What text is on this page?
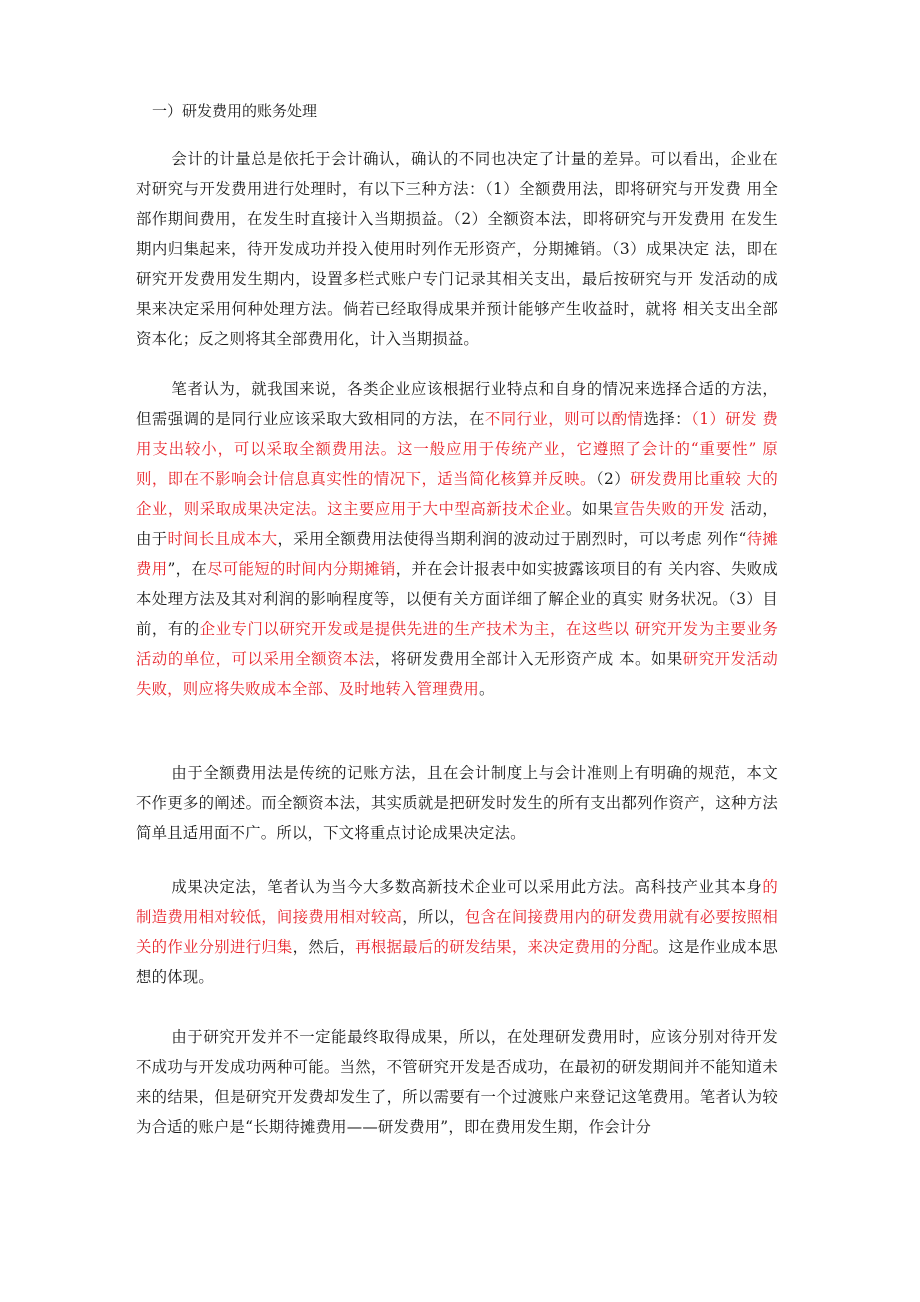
一）研发费用的账务处理

会计的计量总是依托于会计确认，确认的不同也决定了计量的差异。可以看出，企业在对研究与开发费用进行处理时，有以下三种方法：（1）全额费用法，即将研究与开发费 用全部作期间费用，在发生时直接计入当期损益。（2）全额资本法，即将研究与开发费用 在发生期内归集起来，待开发成功并投入使用时列作无形资产，分期摊销。（3）成果决定 法，即在研究开发费用发生期内，设置多栏式账户专门记录其相关支出，最后按研究与开 发活动的成果来决定采用何种处理方法。倘若已经取得成果并预计能够产生收益时，就将 相关支出全部资本化；反之则将其全部费用化，计入当期损益。

笔者认为，就我国来说，各类企业应该根据行业特点和自身的情况来选择合适的方法，但需强调的是同行业应该采取大致相同的方法，在不同行业，则可以酌情选择：（1）研发 费用支出较小，可以采取全额费用法。这一般应用于传统产业，它遵照了会计的“重要性” 原则，即在不影响会计信息真实性的情况下，适当简化核算并反映。（2）研发费用比重较 大的企业，则采取成果决定法。这主要应用于大中型高新技术企业。如果宣告失败的开发 活动，由于时间长且成本大，采用全额费用法使得当期利润的波动过于剧烈时，可以考虑 列作“待摊费用”，在尽可能短的时间内分期摊销，并在会计报表中如实披露该项目的有 关内容、失败成本处理方法及其对利润的影响程度等，以便有关方面详细了解企业的真实 财务状况。（3）目前，有的企业专门以研究开发或是提供先进的生产技术为主，在这些以 研究开发为主要业务活动的单位，可以采用全额资本法，将研发费用全部计入无形资产成 本。如果研究开发活动失败，则应将失败成本全部、及时地转入管理费用。

由于全额费用法是传统的记账方法，且在会计制度上与会计准则上有明确的规范，本文不作更多的阐述。而全额资本法，其实质就是把研发时发生的所有支出都列作资产，这种方法简单且适用面不广。所以，下文将重点讨论成果决定法。

成果决定法，笔者认为当今大多数高新技术企业可以采用此方法。高科技产业其本身的制造费用相对较低，间接费用相对较高，所以，包含在间接费用内的研发费用就有必要按照相关的作业分别进行归集，然后，再根据最后的研发结果，来决定费用的分配。这是作业成本思想的体现。

由于研究开发并不一定能最终取得成果，所以，在处理研发费用时，应该分别对待开发不成功与开发成功两种可能。当然，不管研究开发是否成功，在最初的研发期间并不能知道未来的结果，但是研究开发费却发生了，所以需要有一个过渡账户来登记这笔费用。笔者认为较为合适的账户是“长期待摊费用——研发费用”，即在费用发生期，作会计分
